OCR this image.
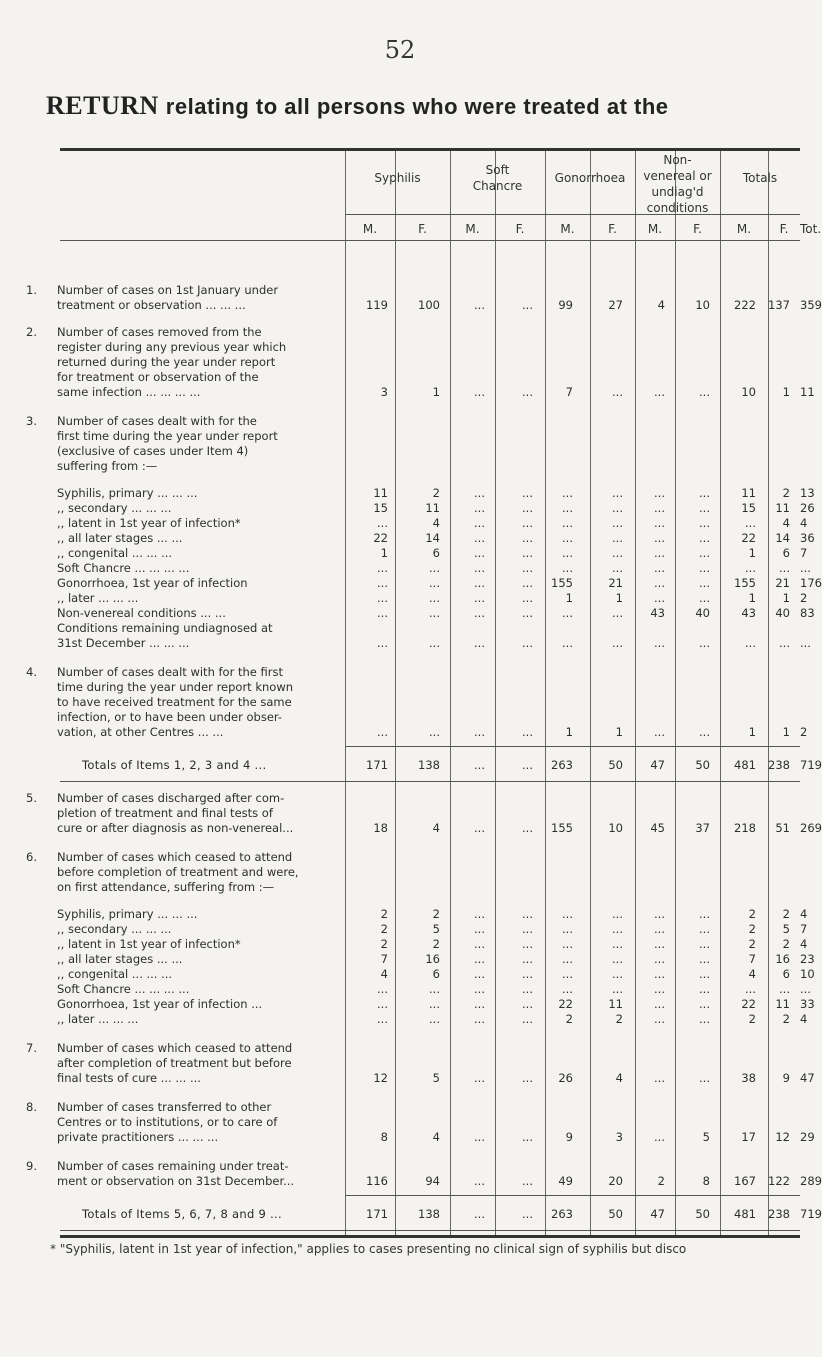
52
RETURN relating to all persons who were treated at the
Syphilis
Soft Chancre
Gonorrhoea
Non-venereal or undiag'd conditions
Totals
M.	F.	M.	F.	M.	F.	M.	F.	M.	F. Tot.
1. Number of cases on 1st January under
treatment or observation ... ... ...	119	100	...	...	99	27	4	10	222 137 359
2. Number of cases removed from the
register during any previous year which
returned during the year under report
for treatment or observation of the
same infection ... ... ... ...	3	1	...	...	7	...	...	...	10	1 11
3. Number of cases dealt with for the
first time during the year under report
(exclusive of cases under Item 4)
suffering from :—
Syphilis, primary ... ... ...	11	2	...	...	...	...	...	...	11	2 13
,, secondary ... ... ...	15	11	...	...	...	...	...	...	15	11 26
,, latent in 1st year of infection*	...	4	...	...	...	...	...	...	...	4 4
,, all later stages ... ...	22	14	...	...	...	...	...	...	22	14 36
,, congenital ... ... ...	1	6	...	...	...	...	...	...	1	6 7
Soft Chancre ... ... ... ...	...	...	...	...	...	...	...	...	...	... ...
Gonorrhoea, 1st year of infection	...	...	...	...	155	21	...	...	155	21 176
,, later ... ... ...	...	...	...	...	1	1	...	...	1	1 2
Non-venereal conditions ... ...	...	...	...	...	...	...	43	40	43	40 83
Conditions remaining undiagnosed at
31st December ... ... ...	...	...	...	...	...	...	...	...	...	... ...
4. Number of cases dealt with for the first
time during the year under report known
to have received treatment for the same
infection, or to have been under obser-
vation, at other Centres ... ...	...	...	...	...	1	1	...	...	1	1 2
Totals of Items 1, 2, 3 and 4 ...	171	138	...	...	263	50	47	50	481 238 719
5. Number of cases discharged after com-
pletion of treatment and final tests of
cure or after diagnosis as non-venereal...	18	4	...	...	155	10	45	37	218	51 269
6. Number of cases which ceased to attend
before completion of treatment and were,
on first attendance, suffering from :—
Syphilis, primary ... ... ...	2	2	...	...	...	...	...	...	2	2 4
,, secondary ... ... ...	2	5	...	...	...	...	...	...	2	5 7
,, latent in 1st year of infection*	2	2	...	...	...	...	...	...	2	2 4
,, all later stages ... ...	7	16	...	...	...	...	...	...	7	16 23
,, congenital ... ... ...	4	6	...	...	...	...	...	...	4	6 10
Soft Chancre ... ... ... ...	...	...	...	...	...	...	...	...	...	... ...
Gonorrhoea, 1st year of infection ...	...	...	...	...	22	11	...	...	22	11 33
,, later ... ... ...	...	...	...	...	2	2	...	...	2	2 4
7. Number of cases which ceased to attend
after completion of treatment but before
final tests of cure ... ... ...	12	5	...	...	26	4	...	...	38	9 47
8. Number of cases transferred to other
Centres or to institutions, or to care of
private practitioners ... ... ...	8	4	...	...	9	3	...	5	17	12 29
9. Number of cases remaining under treat-
ment or observation on 31st December...	116	94	...	...	49	20	2	8	167 122 289
Totals of Items 5, 6, 7, 8 and 9 ...	171	138	...	...	263	50	47	50	481 238 719
* "Syphilis, latent in 1st year of infection," applies to cases presenting no clinical sign of syphilis but disco
